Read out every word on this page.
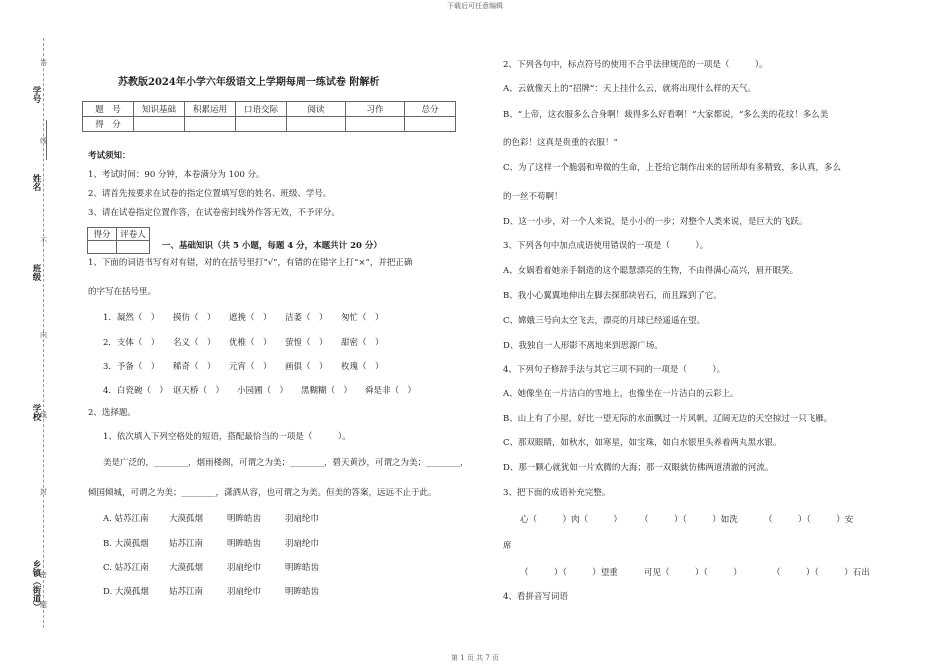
下载后可任意编辑
学号
姓名
班级
学校
乡镇（街道）
答
线
不
内
线
封
密
题
苏教版2024年小学六年级语文上学期每周一练试卷 附解析
题　号	知识基础	积累运用	口语交际	阅读	习作	总分
得　分						
考试须知：
1、考试时间：90 分钟，本卷满分为 100 分。
2、请首先按要求在试卷的指定位置填写您的姓名、班级、学号。
3、请在试卷指定位置作答，在试卷密封线外作答无效，不予评分。
得分	评卷人

一、基础知识（共 5 小题，每题 4 分，本题共计 20 分）
1、下面的词语书写有对有错，对的在括号里打“√”，有错的在错字上打“×”，并把正确
的字写在括号里。
1．凝然（　） 摸仿（　） 遮挽（　） 洁萎（　） 匆忙（　）
2．支体（　） 名义（　） 优椎（　） 萤惶（　） 甜密（　）
3．予备（　） 稀奇（　） 元宵（　） 画俱（　） 枚瑰（　）
4．白瓷碗（　） 讴天桥（　） 小园圃（　） 黑糊糊（　） 舜是非（　）
2、选择题。
1、依次填入下列空格处的短语，搭配最恰当的一项是（　　　）。
美是广泛的，________，烟雨楼阁，可谓之为美；________，碧天黄沙，可谓之为美；________，
倾国倾城，可谓之为美；________，潇洒从容，也可谓之为美。但美的答案，远远不止于此。
A. 姑苏江南 大漠孤烟	明眸皓齿	羽扇纶巾
B. 大漠孤烟 姑苏江南	明眸皓齿	羽扇纶巾
C. 姑苏江南 大漠孤烟	羽扇纶巾	明眸皓齿
D. 大漠孤烟 姑苏江南	羽扇纶巾	明眸皓齿
2、下列各句中，标点符号的使用不合乎法律规范的一项是（　　　）。
A、云就像天上的“招牌”：天上挂什么云，就将出现什么样的天气。
B、“上帝，这衣服多么合身啊！裁得多么好看啊！”大家都说，“多么美的花纹！多么美
的色彩！这真是贵重的衣服！”
C、为了这样一个脆弱和卑微的生命，上苍给它制作出来的居所却有多精致，多认真，多么
的一丝不苟啊！
D、这一小步，对一个人来说，是小小的一步；对整个人类来说，是巨大的飞跃。
3、下列各句中加点成语使用错误的一项是（　　　）。
A、女娲看着她亲手制造的这个聪慧漂亮的生物，不由得满心高兴，眉开眼笑。
B、我小心翼翼地伸出左脚去探那块岩石，而且踩到了它。
C、嫦娥三号向太空飞去，漂亮的月球已经遥遥在望。
D、我独自一人形影不离地来到思源广场。
4、下列句子修辞手法与其它三项不同的一项是（　　　）。
A、她像坐在一片洁白的雪地上，也像坐在一片洁白的云彩上。
B、山上有了小屋，好比一望无际的水面飘过一片风帆，辽阔无边的天空掠过一只飞雁。
C、那双眼睛，如秋水，如寒星，如宝珠，如白水银里头养着两丸黑水银。
D、那一颗心就犹如一片欢腾的大海；那一双眼就仿佛两道清澈的河流。
3、把下面的成语补充完整。
心（　　　）肉（　　　） （　　　）（　　　）如洗	（　　　）（　　　）安
席
（　　　）（　　　）望重	可见（　　　）（　　　）	（　　　）（　　　）石出
4、看拼音写词语
第 1 页 共 7 页
